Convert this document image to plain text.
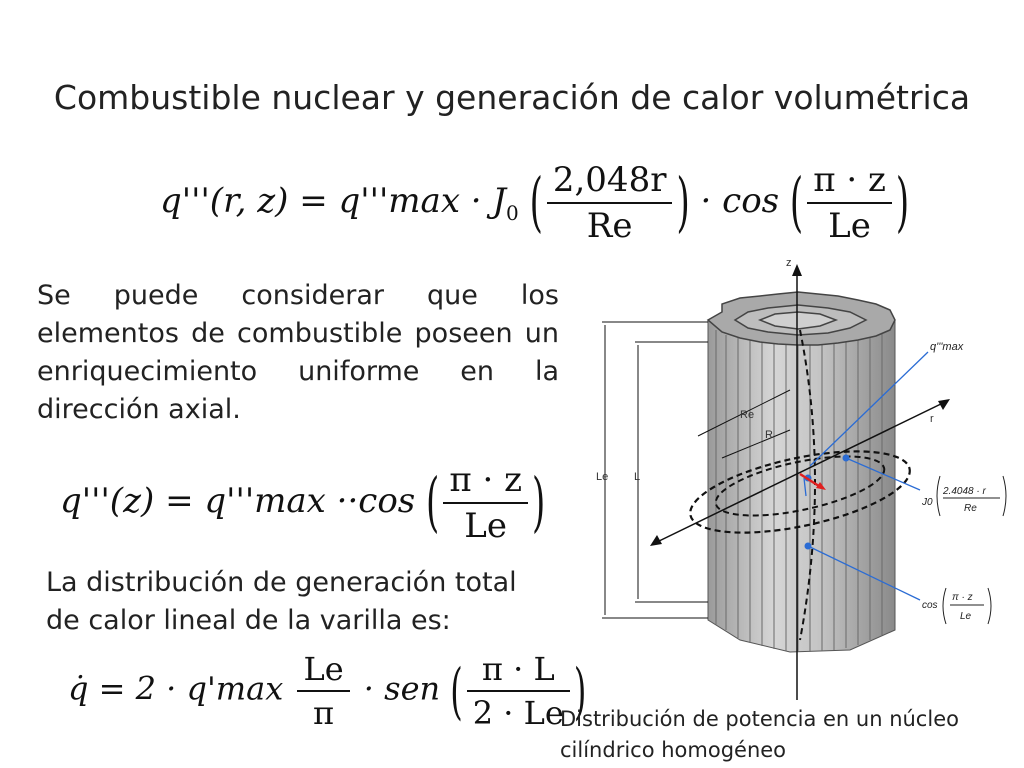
Combustible nuclear y generación de calor volumétrica
q'''(r, $z) = q'''\max \cdot J_0$ ( $\frac{2,048r}{Re}$ ) · cos ( $\frac{\pi \cdot z}{Le}$ )
Se puede considerar que los elementos de combustible poseen un enriquecimiento uniforme en la dirección axial.
q'''(z) = q'''max ··cos ( $\frac{\pi \cdot z}{Le}$ )
La distribución de generación total de calor lineal de la varilla es:
q̇ = $2 \cdot q'\max \frac{Le}{\pi}$ · sen ( $\frac{\pi \cdot L}{2 \cdot Le}$ )
z
r
Le L
Re
R
q'''max
J0
2.4048 · r
Re
cos
π · z
Le
Distribución de potencia en un núcleo cilíndrico homogéneo
